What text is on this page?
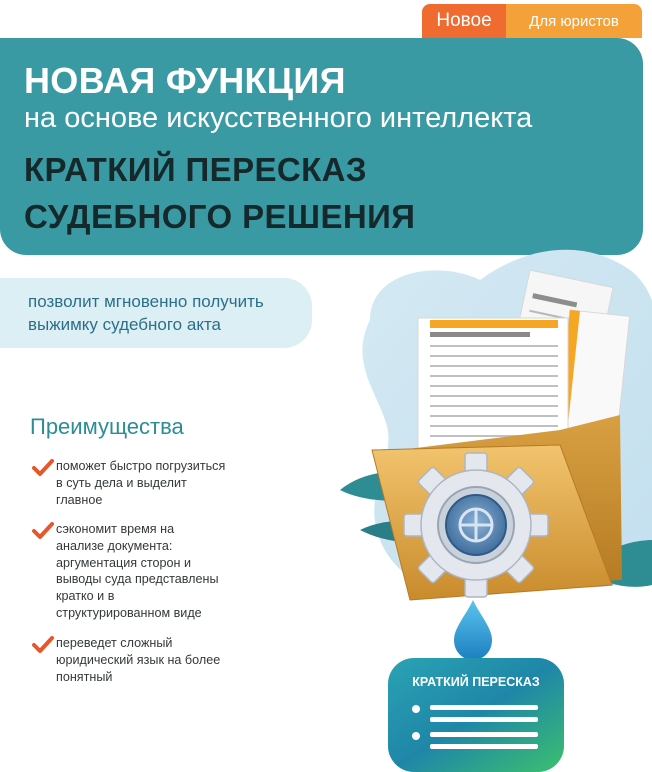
Новое	Для юристов
НОВАЯ ФУНКЦИЯ
на основе искусственного интеллекта
КРАТКИЙ ПЕРЕСКАЗ
СУДЕБНОГО РЕШЕНИЯ
позволит мгновенно получить
выжимку судебного акта
Преимущества
поможет быстро погрузиться
в суть дела и выделит
главное
сэкономит время на
анализе документа:
аргументация сторон и
выводы суда представлены
кратко и в
структурированном виде
переведет сложный
юридический язык на более
понятный	КРАТКИЙ ПЕРЕСКАЗ
